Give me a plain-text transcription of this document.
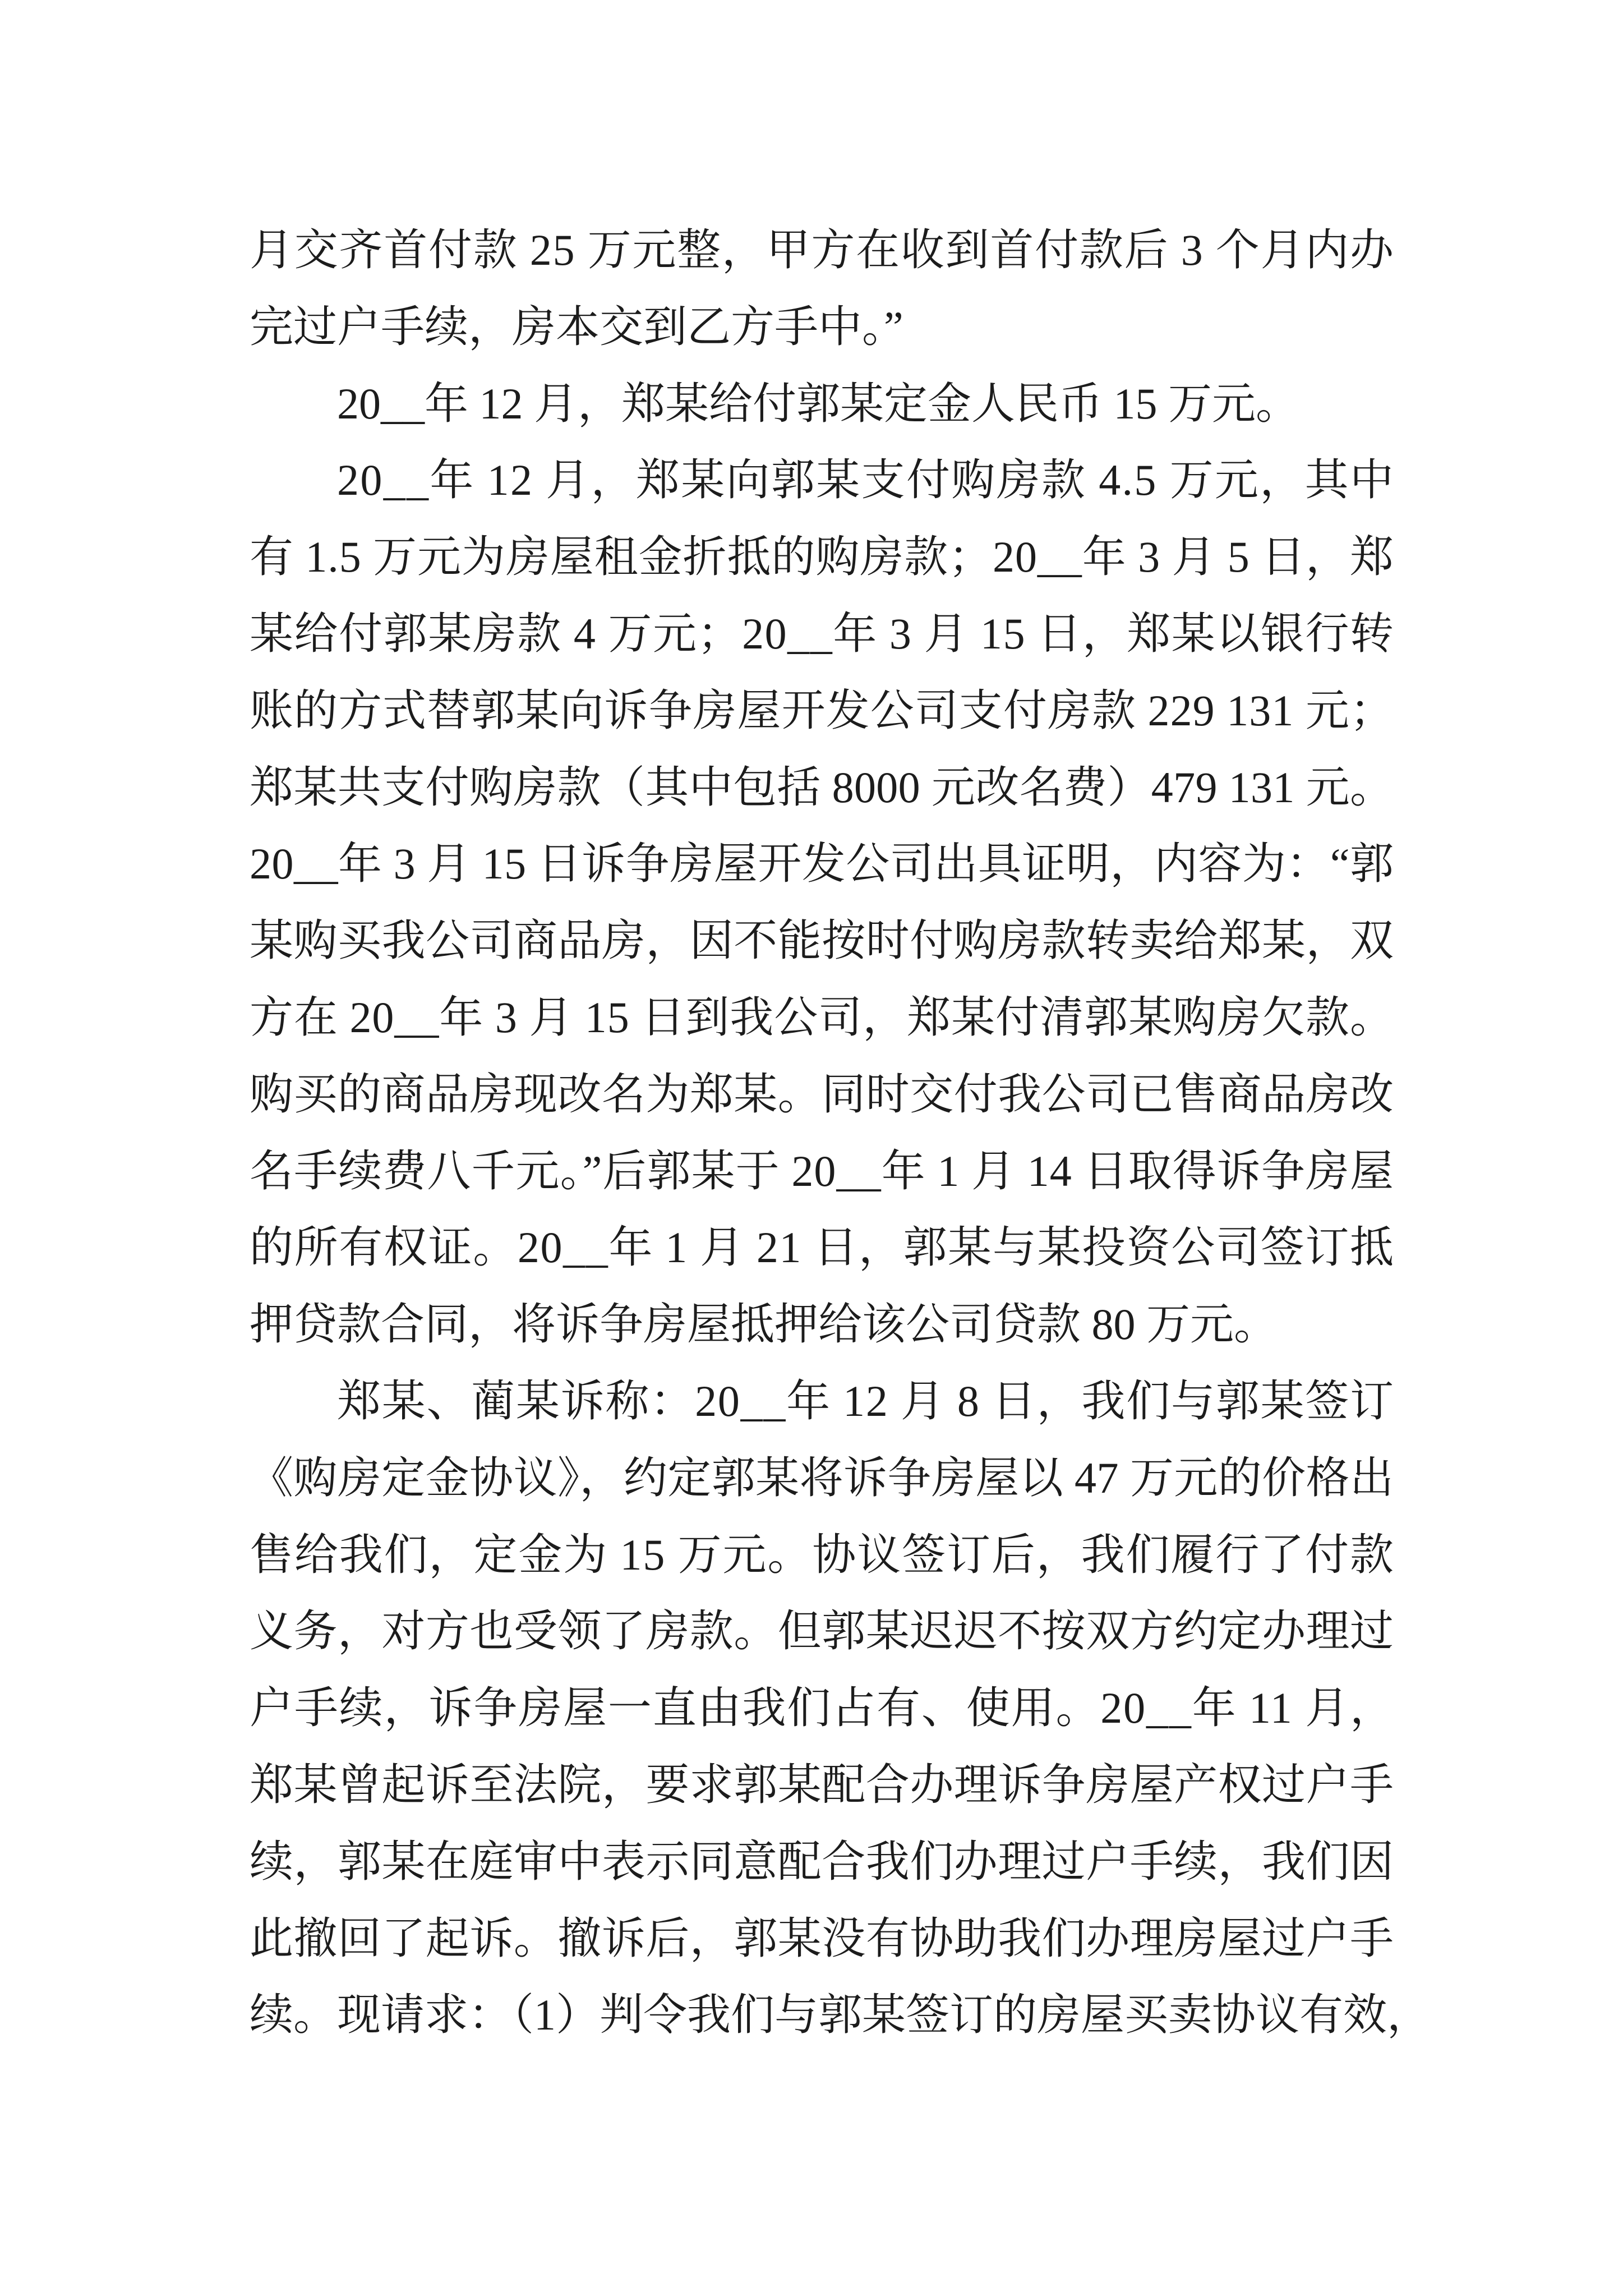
月交齐首付款 25 万元整，甲方在收到首付款后 3 个月内办
完过户手续，房本交到乙方手中。”
20__年 12 月，郑某给付郭某定金人民币 15 万元。
20__年 12 月，郑某向郭某支付购房款 4.5 万元，其中
有 1.5 万元为房屋租金折抵的购房款；20__年 3 月 5 日，郑
某给付郭某房款 4 万元；20__年 3 月 15 日，郑某以银行转
账的方式替郭某向诉争房屋开发公司支付房款 229 131 元；
郑某共支付购房款（其中包括 8000 元改名费）479 131 元。
20__年 3 月 15 日诉争房屋开发公司出具证明，内容为：“郭
某购买我公司商品房，因不能按时付购房款转卖给郑某，双
方在 20__年 3 月 15 日到我公司，郑某付清郭某购房欠款。
购买的商品房现改名为郑某。同时交付我公司已售商品房改
名手续费八千元。”后郭某于 20__年 1 月 14 日取得诉争房屋
的所有权证。20__年 1 月 21 日，郭某与某投资公司签订抵
押贷款合同，将诉争房屋抵押给该公司贷款 80 万元。
郑某、蔺某诉称：20__年 12 月 8 日，我们与郭某签订
《购房定金协议》，约定郭某将诉争房屋以 47 万元的价格出
售给我们，定金为 15 万元。协议签订后，我们履行了付款
义务，对方也受领了房款。但郭某迟迟不按双方约定办理过
户手续，诉争房屋一直由我们占有、使用。20__年 11 月，
郑某曾起诉至法院，要求郭某配合办理诉争房屋产权过户手
续，郭某在庭审中表示同意配合我们办理过户手续，我们因
此撤回了起诉。撤诉后，郭某没有协助我们办理房屋过户手
续。现请求：（1）判令我们与郭某签订的房屋买卖协议有效，
